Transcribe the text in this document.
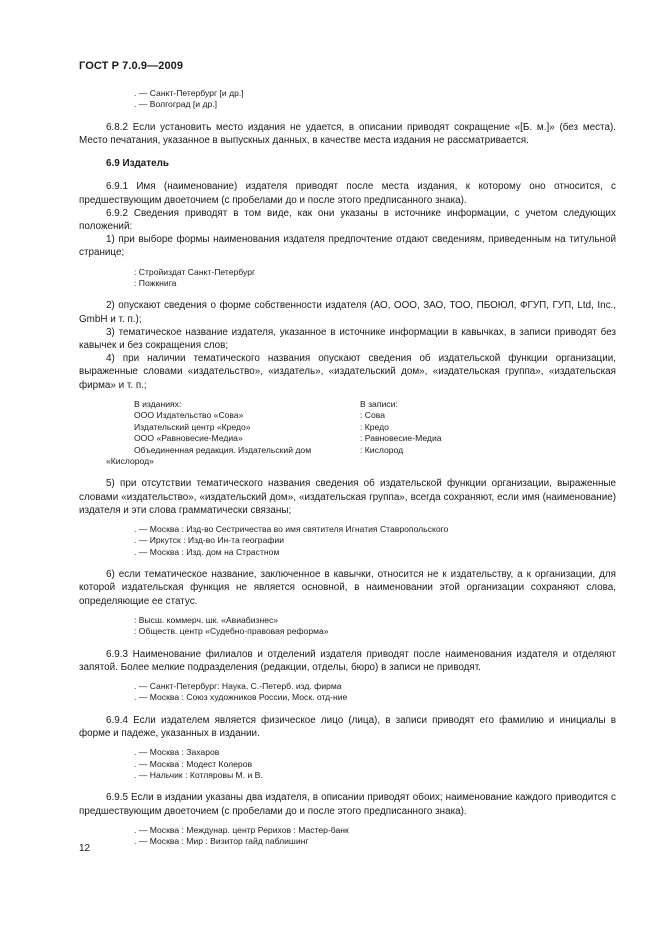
ГОСТ Р 7.0.9—2009
. — Санкт-Петербург [и др.]
. — Волгоград [и др.]

6.8.2 Если установить место издания не удается, в описании приводят сокращение «[Б. м.]» (без места). Место печатания, указанное в выпускных данных, в качестве места издания не рассматривается.

6.9 Издатель

6.9.1 Имя (наименование) издателя приводят после места издания, к которому оно относится, с предшествующим двоеточием (с пробелами до и после этого предписанного знака).

6.9.2 Сведения приводят в том виде, как они указаны в источнике информации, с учетом следующих положений:

1) при выборе формы наименования издателя предпочтение отдают сведениям, приведенным на титульной странице;

: Стройиздат Санкт-Петербург
: Пожкнига

2) опускают сведения о форме собственности издателя (АО, ООО, ЗАО, ТОО, ПБОЮЛ, ФГУП, ГУП, Ltd, Inc., GmbH и т. п.);

3) тематическое название издателя, указанное в источнике информации в кавычках, в записи приводят без кавычек и без сокращения слов;

4) при наличии тематического названия опускают сведения об издательской функции организации, выраженные словами «издательство», «издатель», «издательский дом», «издательская группа», «издательская фирма» и т. п.;

В изданиях:	В записи:
ООО Издательство «Сова»	: Сова
Издательский центр «Кредо»	: Кредо
ООО «Равновесие-Медиа»	: Равновесие-Медиа
Объединенная редакция. Издательский дом	: Кислород
«Кислород»

5) при отсутствии тематического названия сведения об издательской функции организации, выраженные словами «издательство», «издательский дом», «издательская группа», всегда сохраняют, если имя (наименование) издателя и эти слова грамматически связаны;

. — Москва : Изд-во Сестричества во имя святителя Игнатия Ставропольского
. — Иркутск : Изд-во Ин-та географии
. — Москва : Изд. дом на Страстном

6) если тематическое название, заключенное в кавычки, относится не к издательству, а к организации, для которой издательская функция не является основной, в наименовании этой организации сохраняют слова, определяющие ее статус.

: Высш. коммерч. шк. «Авиабизнес»
: Обществ. центр «Судебно-правовая реформа»

6.9.3 Наименование филиалов и отделений издателя приводят после наименования издателя и отделяют запятой. Более мелкие подразделения (редакции, отделы, бюро) в записи не приводят.

. — Санкт-Петербург: Наука, С.-Петерб. изд. фирма
. — Москва : Союз художников России, Моск. отд-ние

6.9.4 Если издателем является физическое лицо (лица), в записи приводят его фамилию и инициалы в форме и падеже, указанных в издании.

. — Москва : Захаров
. — Москва : Модест Колеров
. — Нальчик : Котляровы М. и В.

6.9.5 Если в издании указаны два издателя, в описании приводят обоих; наименование каждого приводится с предшествующим двоеточием (с пробелами до и после этого предписанного знака).

. — Москва : Междунар. центр Рерихов : Мастер-банк
. — Москва : Мир : Визитор гайд паблишинг
12
